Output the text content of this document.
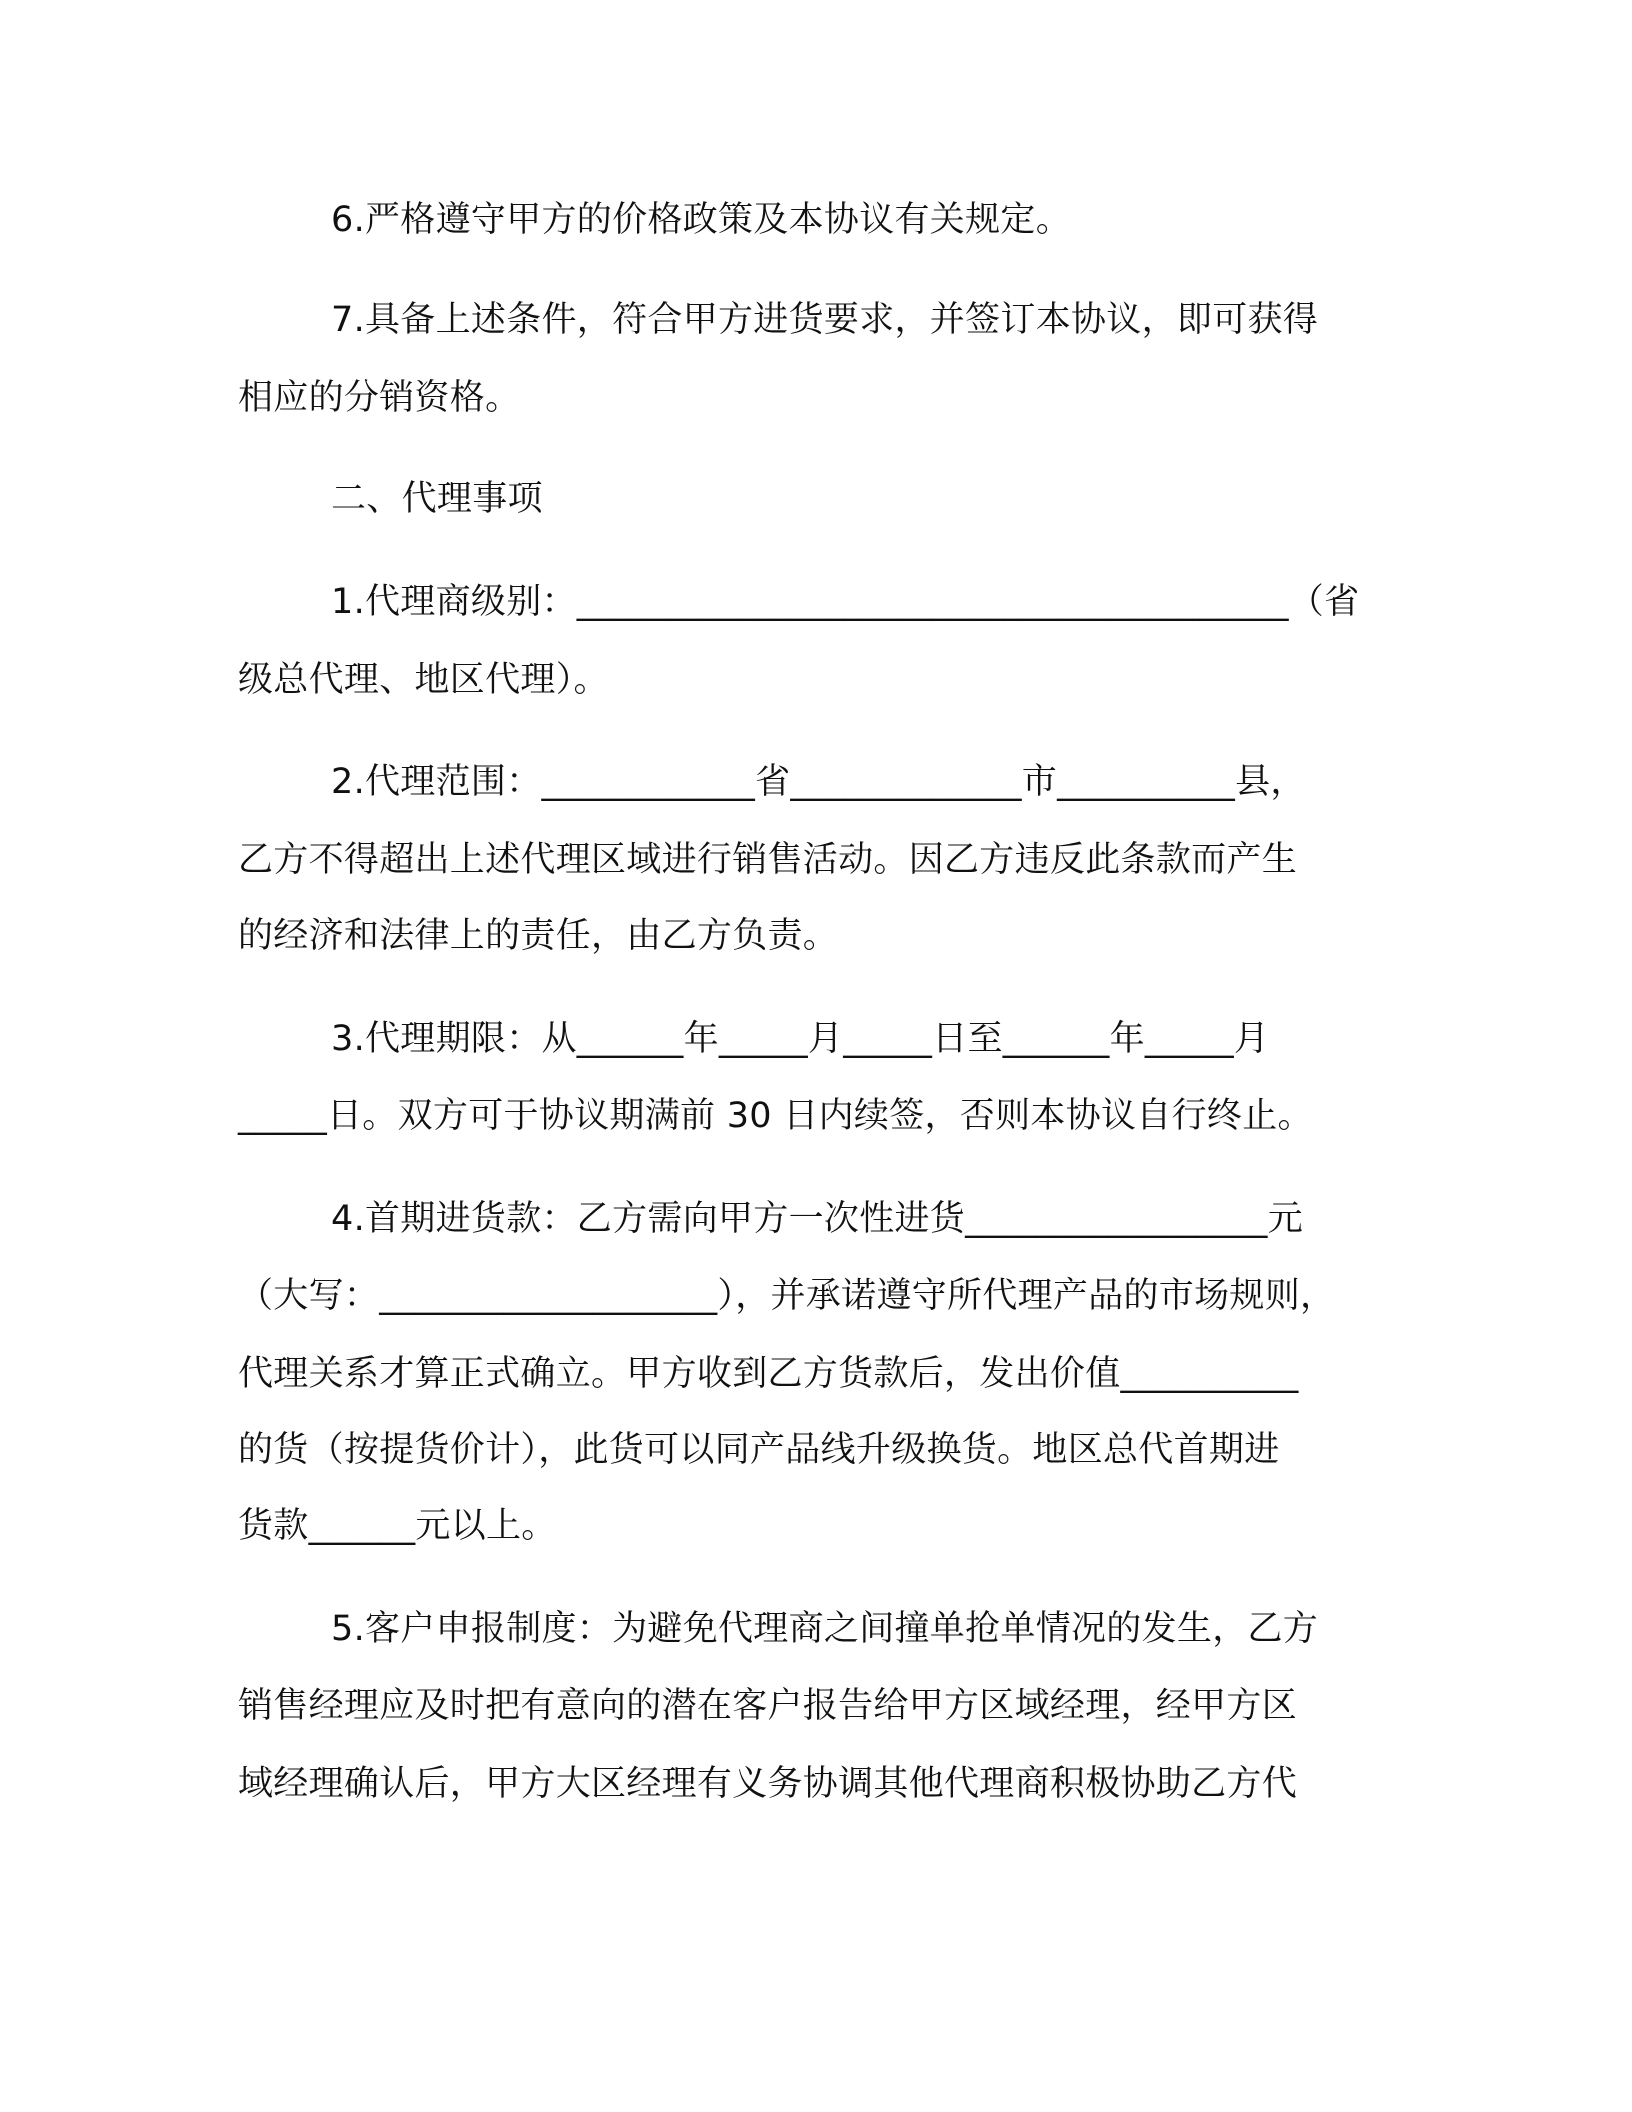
6.严格遵守甲方的价格政策及本协议有关规定。
7.具备上述条件，符合甲方进货要求，并签订本协议，即可获得
相应的分销资格。
二、代理事项
1.代理商级别：________________________________________（省
级总代理、地区代理）。
2.代理范围：____________省_____________市__________县，
乙方不得超出上述代理区域进行销售活动。因乙方违反此条款而产生
的经济和法律上的责任，由乙方负责。
3.代理期限：从______年_____月_____日至______年_____月
_____日。双方可于协议期满前 30 日内续签，否则本协议自行终止。
4.首期进货款：乙方需向甲方一次性进货_________________元
（大写：___________________），并承诺遵守所代理产品的市场规则，
代理关系才算正式确立。甲方收到乙方货款后，发出价值__________
的货（按提货价计），此货可以同产品线升级换货。地区总代首期进
货款______元以上。
5.客户申报制度：为避免代理商之间撞单抢单情况的发生，乙方
销售经理应及时把有意向的潜在客户报告给甲方区域经理，经甲方区
域经理确认后，甲方大区经理有义务协调其他代理商积极协助乙方代
